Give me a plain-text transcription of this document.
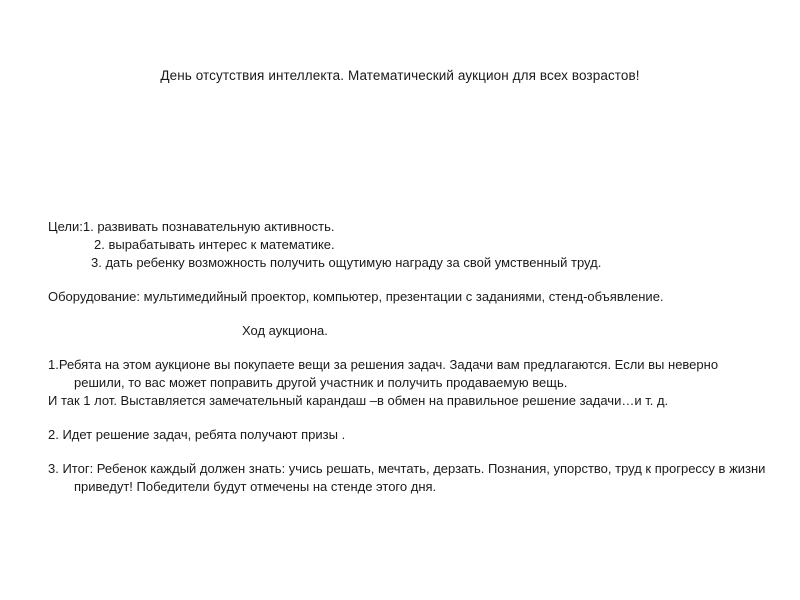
День отсутствия интеллекта. Математический аукцион для всех возрастов!
Цели:1. развивать познавательную активность.
2. вырабатывать интерес к математике.
3. дать ребенку возможность получить ощутимую награду за свой умственный труд.
Оборудование: мультимедийный проектор, компьютер, презентации с заданиями, стенд-объявление.
Ход аукциона.
1.Ребята на этом аукционе вы покупаете вещи за решения задач. Задачи вам предлагаются. Если вы неверно решили, то вас может поправить другой участник и получить продаваемую вещь.
И так 1 лот. Выставляется замечательный карандаш –в обмен на правильное решение задачи…и т. д.
2. Идет решение задач, ребята получают призы .
3. Итог: Ребенок каждый должен знать: учись решать, мечтать, дерзать. Познания, упорство, труд к прогрессу в жизни приведут! Победители будут отмечены на стенде этого дня.
